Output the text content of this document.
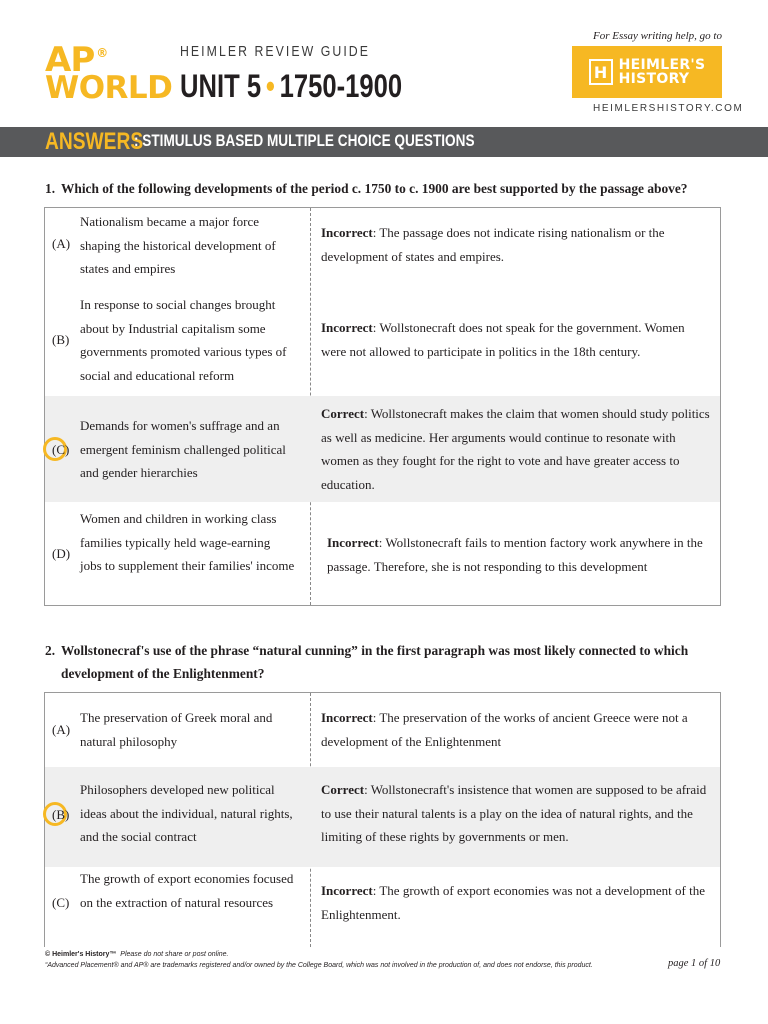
AP ®
WORLD
HEIMLER REVIEW GUIDE
UNIT 5 • 1750-1900
For Essay writing help, go to
H HEIMLER'S
HISTORY
HEIMLERSHISTORY.COM
ANSWERS
: STIMULUS BASED MULTIPLE CHOICE QUESTIONS
1. Which of the following developments of the period c. 1750 to c. 1900 are best supported by the passage above?
(A)
Nationalism became a major force shaping the historical development of states and empires
Incorrect: The passage does not indicate rising nationalism or the development of states and empires.
(B)
In response to social changes brought about by Industrial capitalism some governments promoted various types of social and educational reform
Incorrect: Wollstonecraft does not speak for the government. Women were not allowed to participate in politics in the 18th century.
(C)
Demands for women's suffrage and an emergent feminism challenged political and gender hierarchies
Correct: Wollstonecraft makes the claim that women should study politics as well as medicine. Her arguments would continue to resonate with women as they fought for the right to vote and have greater access to education.
(D)
Women and children in working class families typically held wage-earning jobs to supplement their families' income
Incorrect: Wollstonecraft fails to mention factory work anywhere in the passage. Therefore, she is not responding to this development
2. Wollstonecraf's use of the phrase “natural cunning” in the first paragraph was most likely connected to which development of the Enlightenment?
(A)
The preservation of Greek moral and natural philosophy
Incorrect: The preservation of the works of ancient Greece were not a development of the Enlightenment
(B)
Philosophers developed new political ideas about the individual, natural rights, and the social contract
Correct: Wollstonecraft's insistence that women are supposed to be afraid to use their natural talents is a play on the idea of natural rights, and the limiting of these rights by governments or men.
(C)
The growth of export economies focused on the extraction of natural resources
Incorrect: The growth of export economies was not a development of the Enlightenment.
© Heimler's History™ Please do not share or post online.
“Advanced Placement® and AP® are trademarks registered and/or owned by the College Board, which was not involved in the production of, and does not endorse, this product.	page 1 of 10
